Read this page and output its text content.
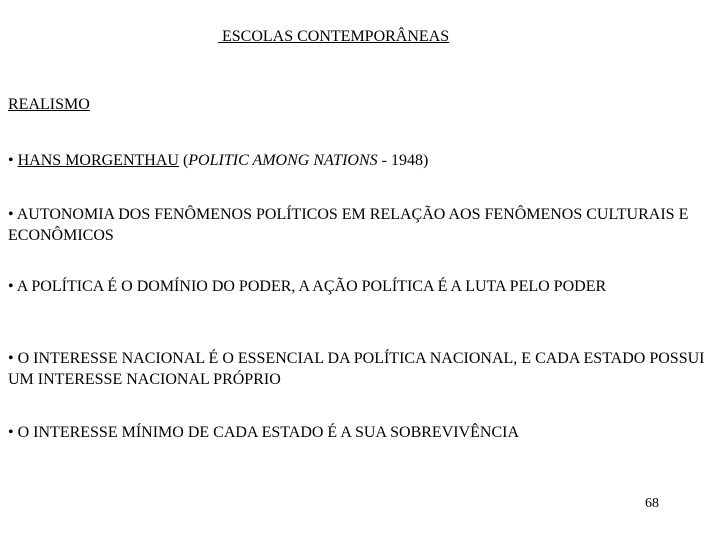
ESCOLAS CONTEMPORÂNEAS
REALISMO
• HANS MORGENTHAU (POLITIC AMONG NATIONS - 1948)
• AUTONOMIA DOS FENÔMENOS POLÍTICOS EM RELAÇÃO AOS FENÔMENOS CULTURAIS E ECONÔMICOS
• A POLÍTICA É O DOMÍNIO DO PODER, A AÇÃO POLÍTICA É A LUTA PELO PODER
• O INTERESSE NACIONAL É O ESSENCIAL DA POLÍTICA NACIONAL, E CADA ESTADO POSSUI UM INTERESSE NACIONAL PRÓPRIO
• O INTERESSE MÍNIMO DE CADA ESTADO É A SUA SOBREVIVÊNCIA
68
